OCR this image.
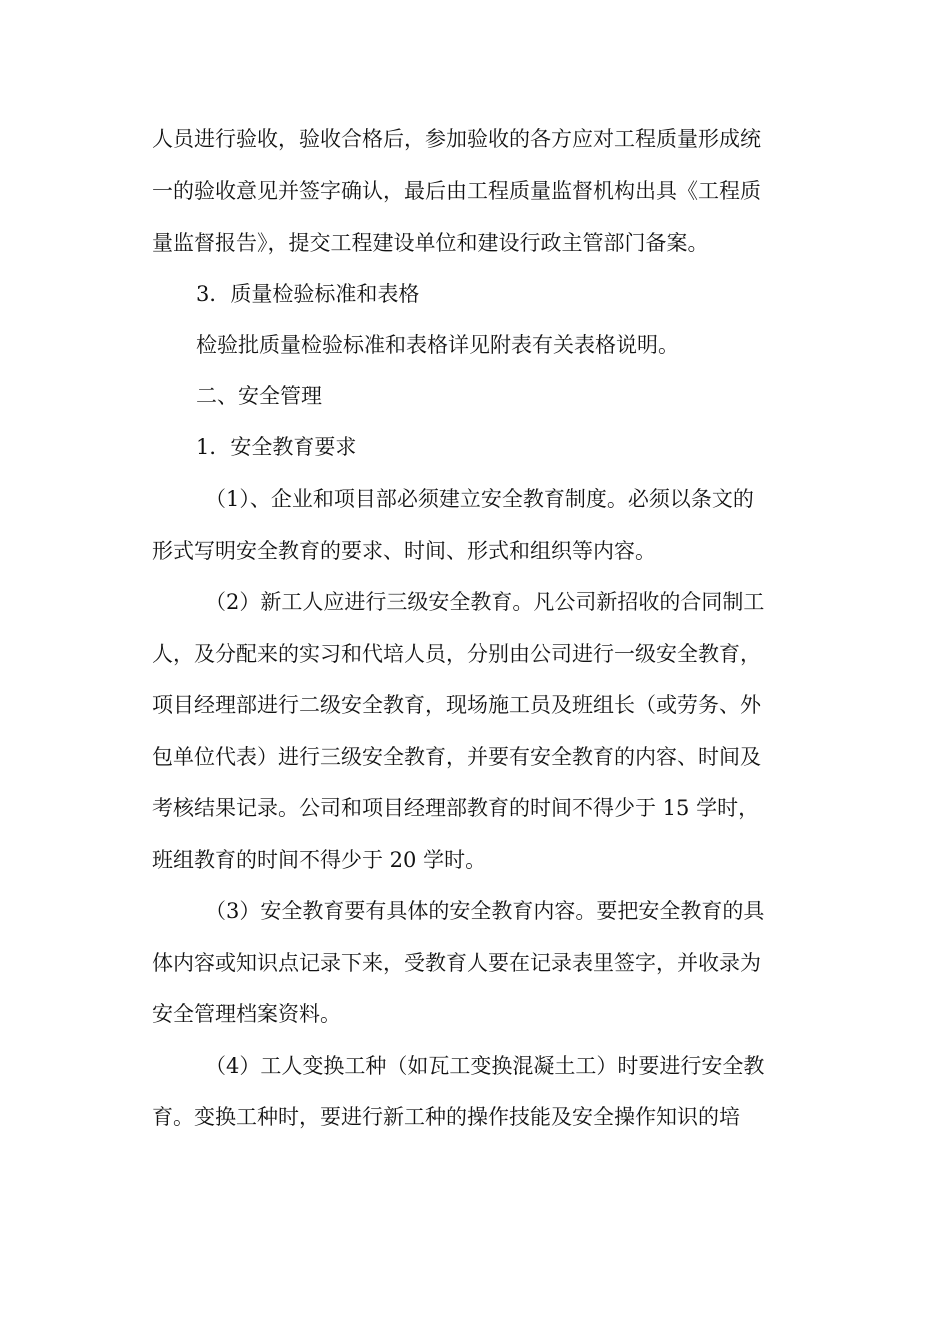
人员进行验收，验收合格后，参加验收的各方应对工程质量形成统
一的验收意见并签字确认，最后由工程质量监督机构出具《工程质
量监督报告》，提交工程建设单位和建设行政主管部门备案。
3．质量检验标准和表格
检验批质量检验标准和表格详见附表有关表格说明。
二、安全管理
1．安全教育要求
（1）、企业和项目部必须建立安全教育制度。必须以条文的
形式写明安全教育的要求、时间、形式和组织等内容。
（2）新工人应进行三级安全教育。凡公司新招收的合同制工
人，及分配来的实习和代培人员，分别由公司进行一级安全教育，
项目经理部进行二级安全教育，现场施工员及班组长（或劳务、外
包单位代表）进行三级安全教育，并要有安全教育的内容、时间及
考核结果记录。公司和项目经理部教育的时间不得少于 15 学时，
班组教育的时间不得少于 20 学时。
（3）安全教育要有具体的安全教育内容。要把安全教育的具
体内容或知识点记录下来，受教育人要在记录表里签字，并收录为
安全管理档案资料。
（4）工人变换工种（如瓦工变换混凝土工）时要进行安全教
育。变换工种时，要进行新工种的操作技能及安全操作知识的培
